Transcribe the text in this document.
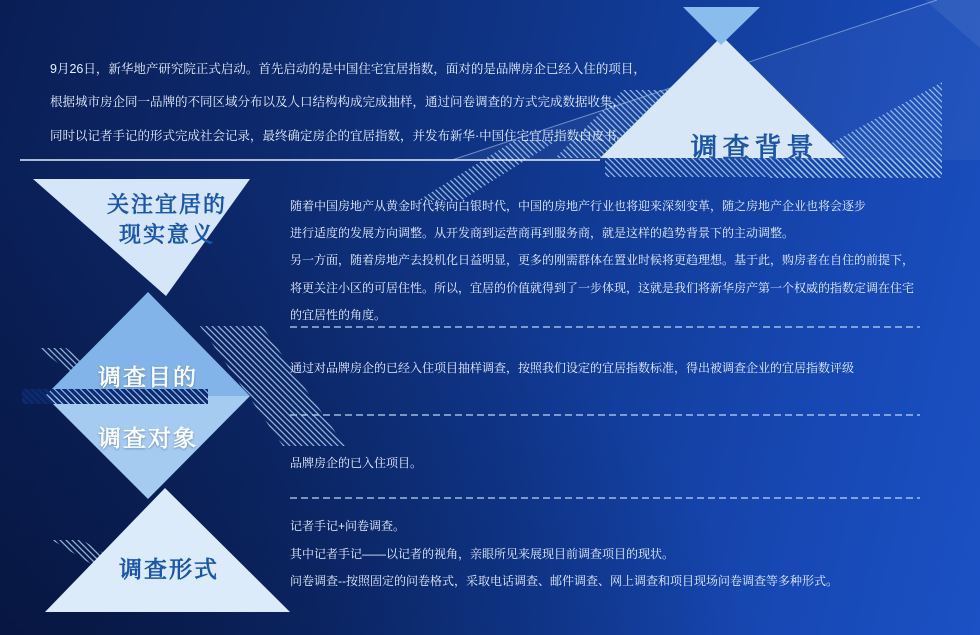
9月26日，新华地产研究院正式启动。首先启动的是中国住宅宜居指数，面对的是品牌房企已经入住的项目，
根据城市房企同一品牌的不同区域分布以及人口结构构成完成抽样，通过问卷调查的方式完成数据收集，
同时以记者手记的形式完成社会记录，最终确定房企的宜居指数，并发布新华·中国住宅宜居指数白皮书。	调查背景
关注宜居的
现实意义
调查目的
调查对象
调查形式
随着中国房地产从黄金时代转向白银时代，中国的房地产行业也将迎来深刻变革，随之房地产企业也将会逐步
进行适度的发展方向调整。从开发商到运营商再到服务商，就是这样的趋势背景下的主动调整。
另一方面，随着房地产去投机化日益明显，更多的刚需群体在置业时候将更趋理想。基于此，购房者在自住的前提下，
将更关注小区的可居住性。所以，宜居的价值就得到了一步体现，这就是我们将新华房产第一个权威的指数定调在住宅
的宜居性的角度。
通过对品牌房企的已经入住项目抽样调查，按照我们设定的宜居指数标准，得出被调查企业的宜居指数评级
品牌房企的已入住项目。
记者手记+问卷调查。
其中记者手记——以记者的视角，亲眼所见来展现目前调查项目的现状。
问卷调查--按照固定的问卷格式，采取电话调查、邮件调查、网上调查和项目现场问卷调查等多种形式。
